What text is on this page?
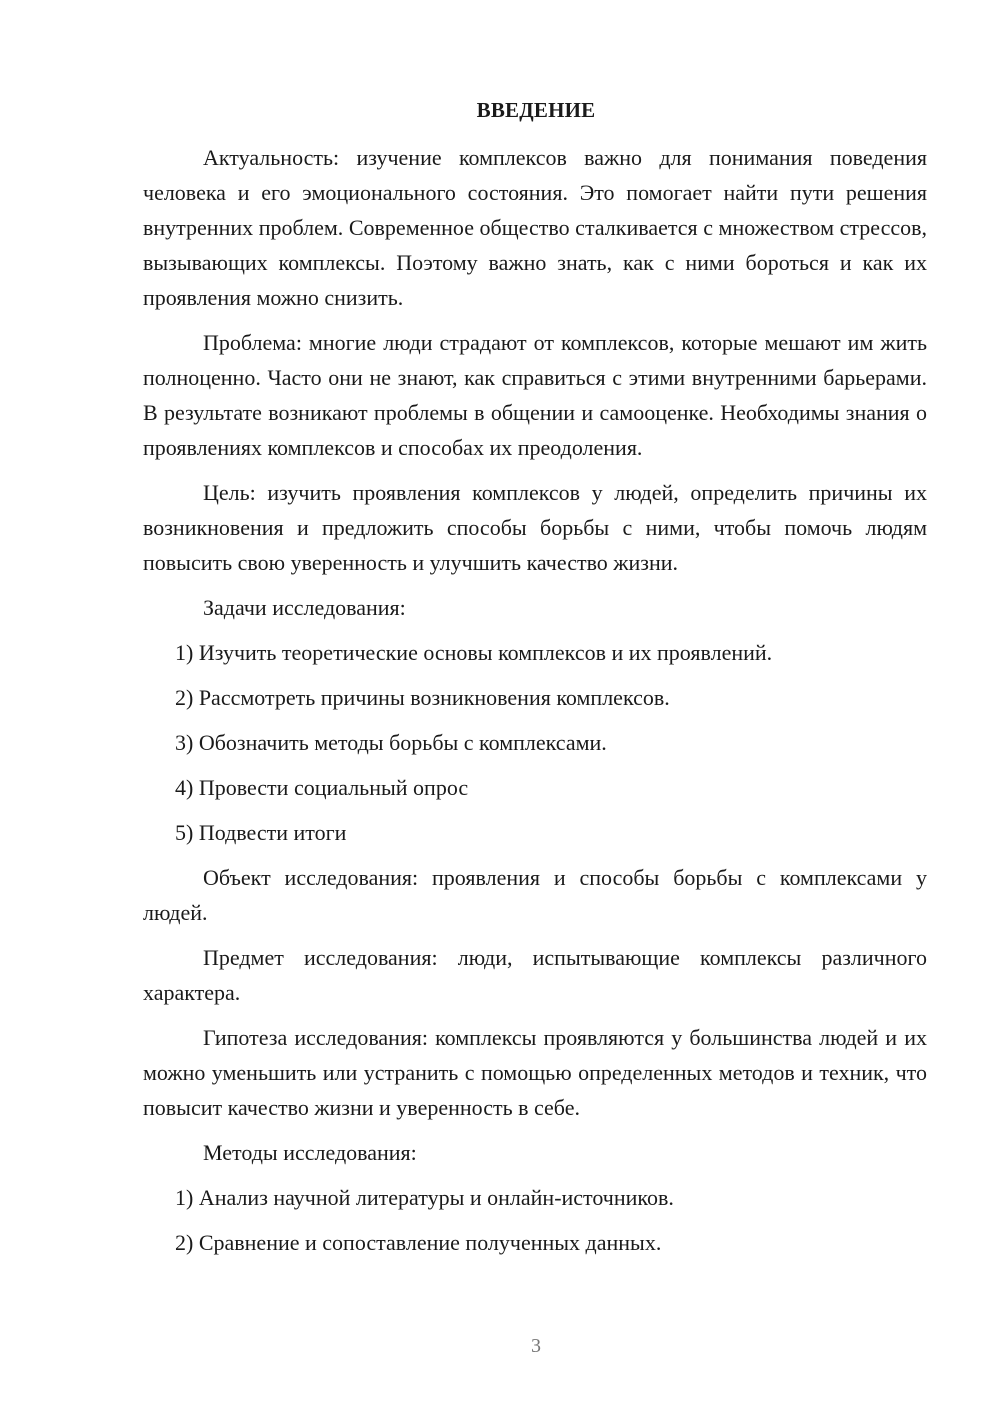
ВВЕДЕНИЕ

Актуальность: изучение комплексов важно для понимания поведения человека и его эмоционального состояния. Это помогает найти пути решения внутренних проблем. Современное общество сталкивается с множеством стрессов, вызывающих комплексы. Поэтому важно знать, как с ними бороться и как их проявления можно снизить.

Проблема: многие люди страдают от комплексов, которые мешают им жить полноценно. Часто они не знают, как справиться с этими внутренними барьерами. В результате возникают проблемы в общении и самооценке. Необходимы знания о проявлениях комплексов и способах их преодоления.

Цель: изучить проявления комплексов у людей, определить причины их возникновения и предложить способы борьбы с ними, чтобы помочь людям повысить свою уверенность и улучшить качество жизни.

Задачи исследования:

1) Изучить теоретические основы комплексов и их проявлений.

2) Рассмотреть причины возникновения комплексов.

3) Обозначить методы борьбы с комплексами.

4) Провести социальный опрос

5) Подвести итоги

Объект исследования: проявления и способы борьбы с комплексами у людей.

Предмет исследования: люди, испытывающие комплексы различного характера.

Гипотеза исследования: комплексы проявляются у большинства людей и их можно уменьшить или устранить с помощью определенных методов и техник, что повысит качество жизни и уверенность в себе.

Методы исследования:

1) Анализ научной литературы и онлайн-источников.

2) Сравнение и сопоставление полученных данных.

3
